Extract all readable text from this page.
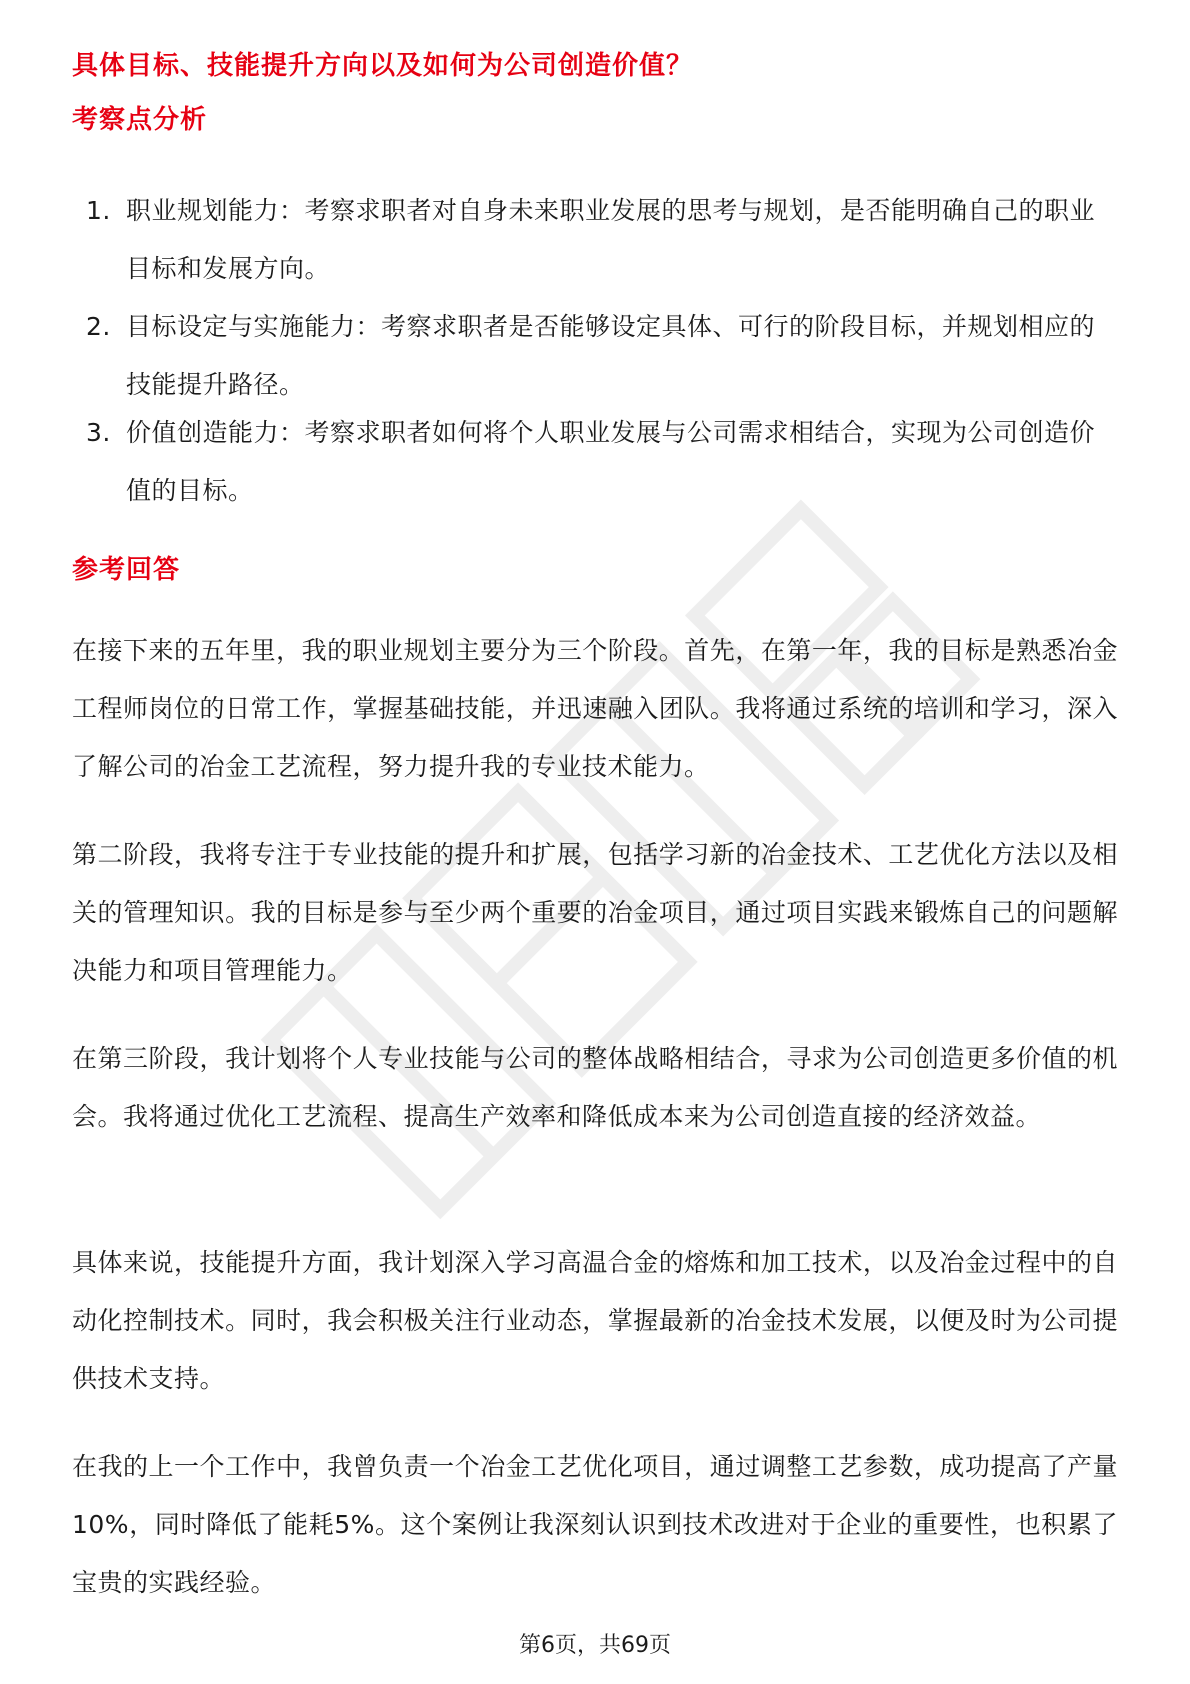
具体目标、技能提升方向以及如何为公司创造价值？
考察点分析
1. 职业规划能力：考察求职者对自身未来职业发展的思考与规划，是否能明确自己的职业目标和发展方向。
2. 目标设定与实施能力：考察求职者是否能够设定具体、可行的阶段目标，并规划相应的技能提升路径。
3. 价值创造能力：考察求职者如何将个人职业发展与公司需求相结合，实现为公司创造价值的目标。
参考回答

在接下来的五年里，我的职业规划主要分为三个阶段。首先，在第一年，我的目标是熟悉冶金工程师岗位的日常工作，掌握基础技能，并迅速融入团队。我将通过系统的培训和学习，深入了解公司的冶金工艺流程，努力提升我的专业技术能力。

第二阶段，我将专注于专业技能的提升和扩展，包括学习新的冶金技术、工艺优化方法以及相关的管理知识。我的目标是参与至少两个重要的冶金项目，通过项目实践来锻炼自己的问题解决能力和项目管理能力。

在第三阶段，我计划将个人专业技能与公司的整体战略相结合，寻求为公司创造更多价值的机会。我将通过优化工艺流程、提高生产效率和降低成本来为公司创造直接的经济效益。

具体来说，技能提升方面，我计划深入学习高温合金的熔炼和加工技术，以及冶金过程中的自动化控制技术。同时，我会积极关注行业动态，掌握最新的冶金技术发展，以便及时为公司提供技术支持。

在我的上一个工作中，我曾负责一个冶金工艺优化项目，通过调整工艺参数，成功提高了产量10%，同时降低了能耗5%。这个案例让我深刻认识到技术改进对于企业的重要性，也积累了宝贵的实践经验。

第6页，共69页
